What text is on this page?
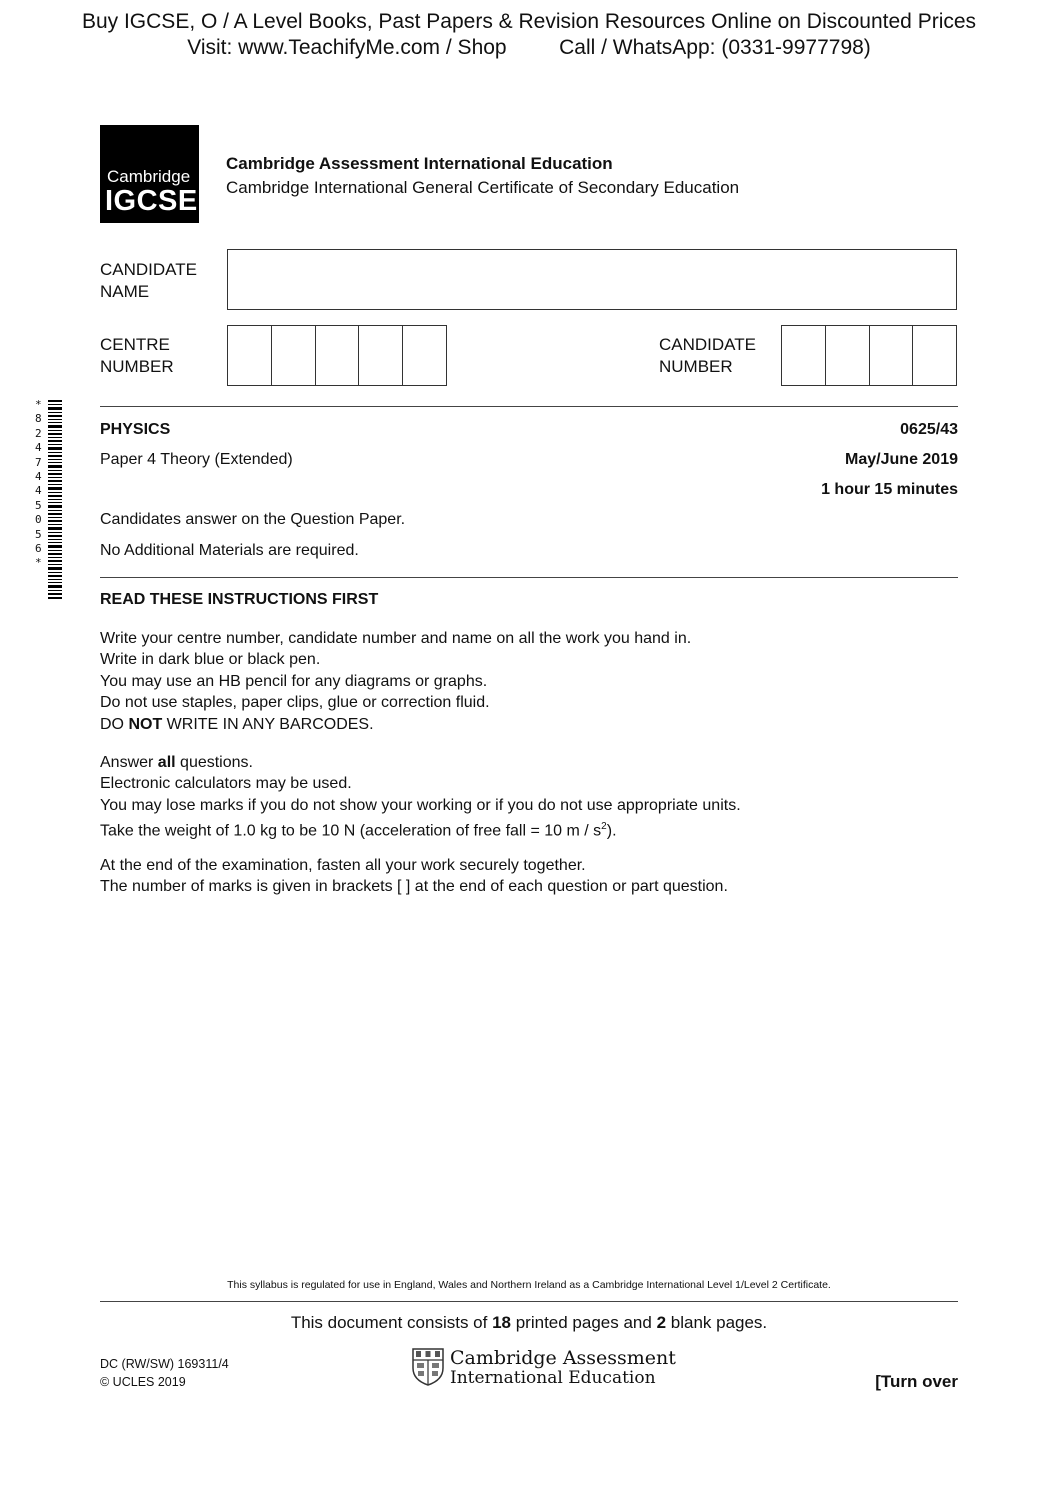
Buy IGCSE, O / A Level Books, Past Papers & Revision Resources Online on Discounted Prices
Visit: www.TeachifyMe.com / Shop         Call / WhatsApp: (0331-9977798)
Cambridge
IGCSE
Cambridge Assessment International Education
Cambridge International General Certificate of Secondary Education
CANDIDATE
NAME
CENTRE
NUMBER
CANDIDATE
NUMBER
*8247445056*
PHYSICS	0625/43
Paper 4 Theory (Extended)	May/June 2019
1 hour 15 minutes
Candidates answer on the Question Paper.
No Additional Materials are required.
READ THESE INSTRUCTIONS FIRST
Write your centre number, candidate number and name on all the work you hand in.
Write in dark blue or black pen.
You may use an HB pencil for any diagrams or graphs.
Do not use staples, paper clips, glue or correction fluid.
DO NOT WRITE IN ANY BARCODES.
Answer all questions.
Electronic calculators may be used.
You may lose marks if you do not show your working or if you do not use appropriate units.
Take the weight of 1.0 kg to be 10 N (acceleration of free fall = 10 m / $s^2$).
At the end of the examination, fasten all your work securely together.
The number of marks is given in brackets [ ] at the end of each question or part question.
This syllabus is regulated for use in England, Wales and Northern Ireland as a Cambridge International Level 1/Level 2 Certificate.
This document consists of 18 printed pages and 2 blank pages.
DC (RW/SW) 169311/4
© UCLES 2019
Cambridge Assessment
International Education	[Turn over
